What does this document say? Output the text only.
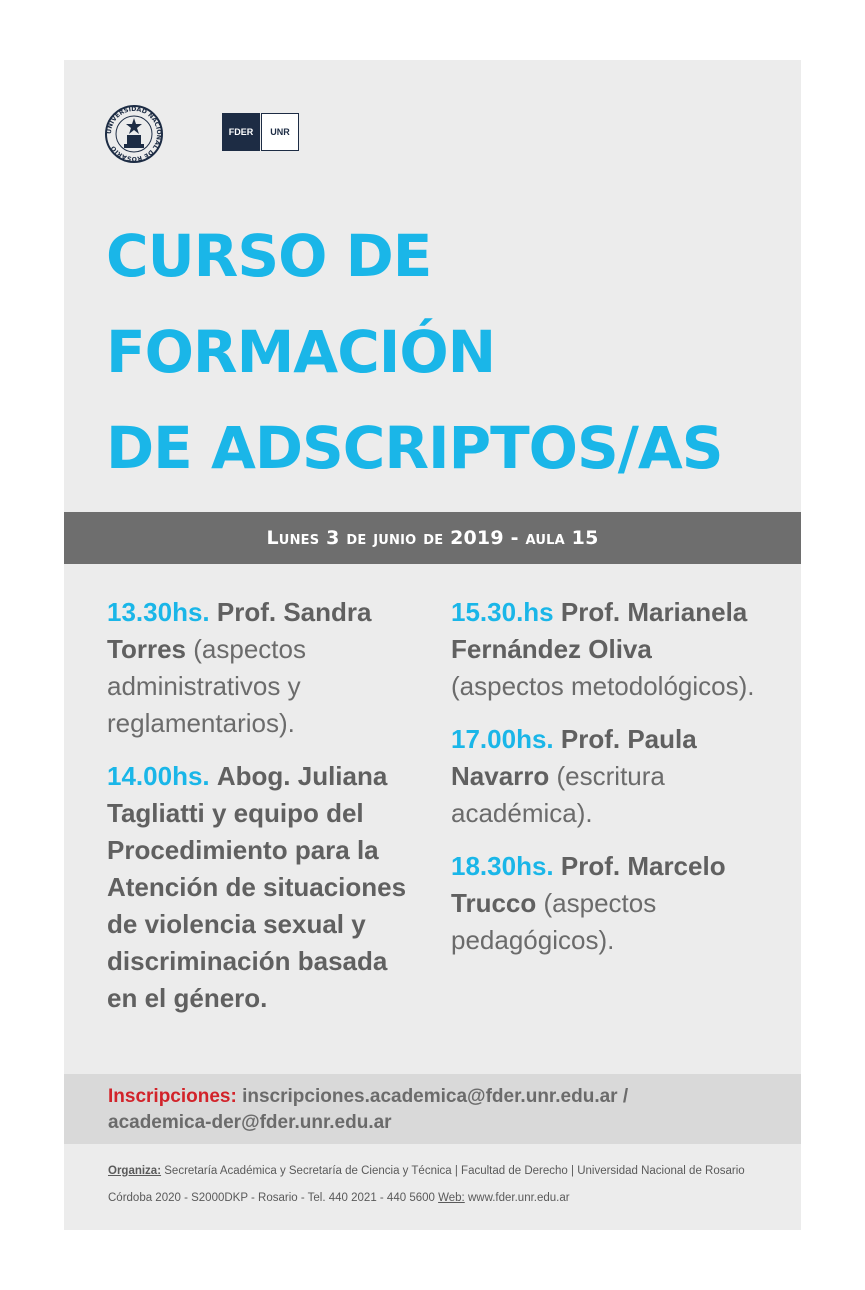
UNIVERSIDAD NACIONAL DE ROSARIO
FDER	UNR
CURSO DE
FORMACIÓN
DE ADSCRIPTOS/AS
Lunes 3 de junio de 2019 - aula 15

13.30hs. Prof. Sandra Torres (aspectos administrativos y reglamentarios).

14.00hs. Abog. Juliana Tagliatti y equipo del Procedimiento para la Atención de situaciones de violencia sexual y discriminación basada en el género.

15.30.hs Prof. Marianela Fernández Oliva (aspectos metodológicos).

17.00hs. Prof. Paula Navarro (escritura académica).

18.30hs. Prof. Marcelo Trucco (aspectos pedagógicos).

Inscripciones: inscripciones.academica@fder.unr.edu.ar /
academica-der@fder.unr.edu.ar
Organiza: Secretaría Académica y Secretaría de Ciencia y Técnica | Facultad de Derecho | Universidad Nacional de Rosario
Córdoba 2020 - S2000DKP - Rosario - Tel. 440 2021 - 440 5600 Web: www.fder.unr.edu.ar
